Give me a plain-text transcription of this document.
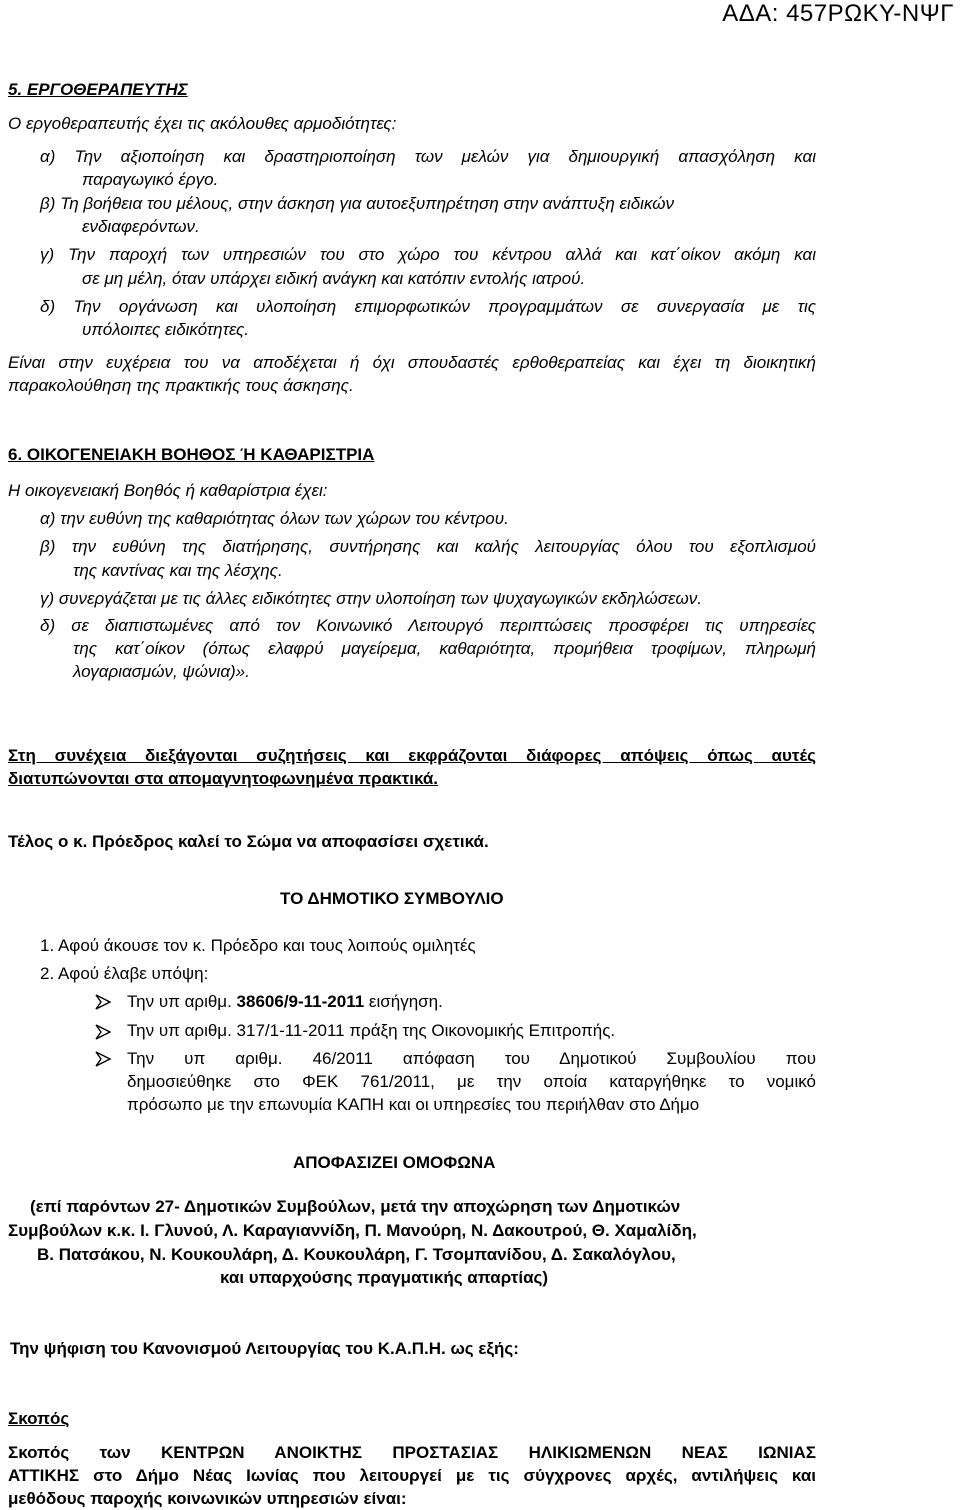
ΑΔΑ: 457ΡΩΚΥ-ΝΨΓ
5. ΕΡΓΟΘΕΡΑΠΕΥΤΗΣ
Ο εργοθεραπευτής έχει τις ακόλουθες αρμοδιότητες:
α) Την αξιοποίηση και δραστηριοποίηση των μελών για δημιουργική απασχόληση και
παραγωγικό έργο.
β) Τη βοήθεια του μέλους, στην άσκηση για αυτοεξυπηρέτηση στην ανάπτυξη ειδικών
ενδιαφερόντων.
γ) Την παροχή των υπηρεσιών του στο χώρο του κέντρου αλλά και κατ΄οίκον ακόμη και
σε μη μέλη, όταν υπάρχει ειδική ανάγκη και κατόπιν εντολής ιατρού.
δ) Την οργάνωση και υλοποίηση επιμορφωτικών προγραμμάτων σε συνεργασία με τις
υπόλοιπες ειδικότητες.
Είναι στην ευχέρεια του να αποδέχεται ή όχι σπουδαστές ερθοθεραπείας και έχει τη διοικητική
παρακολούθηση της πρακτικής τους άσκησης.
6. ΟΙΚΟΓΕΝΕΙΑΚΗ ΒΟΗΘΟΣ Ή ΚΑΘΑΡΙΣΤΡΙΑ
Η οικογενειακή Βοηθός ή καθαρίστρια έχει:
α) την ευθύνη της καθαριότητας όλων των χώρων του κέντρου.
β) την ευθύνη της διατήρησης, συντήρησης και καλής λειτουργίας όλου του εξοπλισμού
της καντίνας και της λέσχης.
γ) συνεργάζεται με τις άλλες ειδικότητες στην υλοποίηση των ψυχαγωγικών εκδηλώσεων.
δ) σε διαπιστωμένες από τον Κοινωνικό Λειτουργό περιπτώσεις προσφέρει τις υπηρεσίες
της κατ΄οίκον (όπως ελαφρύ μαγείρεμα, καθαριότητα, προμήθεια τροφίμων, πληρωμή
λογαριασμών, ψώνια)».
Στη συνέχεια διεξάγονται συζητήσεις και εκφράζονται διάφορες απόψεις όπως αυτές
διατυπώνονται στα απομαγνητοφωνημένα πρακτικά.
Τέλος ο κ. Πρόεδρος καλεί το Σώμα να αποφασίσει σχετικά.
ΤΟ ΔΗΜΟΤΙΚΟ ΣΥΜΒΟΥΛΙΟ
1. Αφού άκουσε τον κ. Πρόεδρο και τους λοιπούς ομιλητές
2. Αφού έλαβε υπόψη:
Την υπ αριθμ. 38606/9-11-2011 εισήγηση.
Την υπ αριθμ. 317/1-11-2011 πράξη της Οικονομικής Επιτροπής.
Την υπ αριθμ. 46/2011 απόφαση του Δημοτικού Συμβουλίου που
δημοσιεύθηκε στο ΦΕΚ 761/2011, με την οποία καταργήθηκε το νομικό
πρόσωπο με την επωνυμία ΚΑΠΗ και οι υπηρεσίες του περιήλθαν στο Δήμο
ΑΠΟΦΑΣΙΖΕΙ ΟΜΟΦΩΝΑ
(επί παρόντων 27- Δημοτικών Συμβούλων, μετά την αποχώρηση των Δημοτικών
Συμβούλων κ.κ. Ι. Γλυνού, Λ. Καραγιαννίδη, Π. Μανούρη, Ν. Δακουτρού, Θ. Χαμαλίδη,
Β. Πατσάκου, Ν. Κουκουλάρη, Δ. Κουκουλάρη, Γ. Τσομπανίδου, Δ. Σακαλόγλου,
και υπαρχούσης πραγματικής απαρτίας)
Την ψήφιση του Κανονισμού Λειτουργίας του Κ.Α.Π.Η. ως εξής:
Σκοπός
Σκοπός των ΚΕΝΤΡΩΝ ΑΝΟΙΚΤΗΣ ΠΡΟΣΤΑΣΙΑΣ ΗΛΙΚΙΩΜΕΝΩΝ ΝΕΑΣ ΙΩΝΙΑΣ
ΑΤΤΙΚΗΣ στο Δήμο Νέας Ιωνίας που λειτουργεί με τις σύγχρονες αρχές, αντιλήψεις και
μεθόδους παροχής κοινωνικών υπηρεσιών είναι:
